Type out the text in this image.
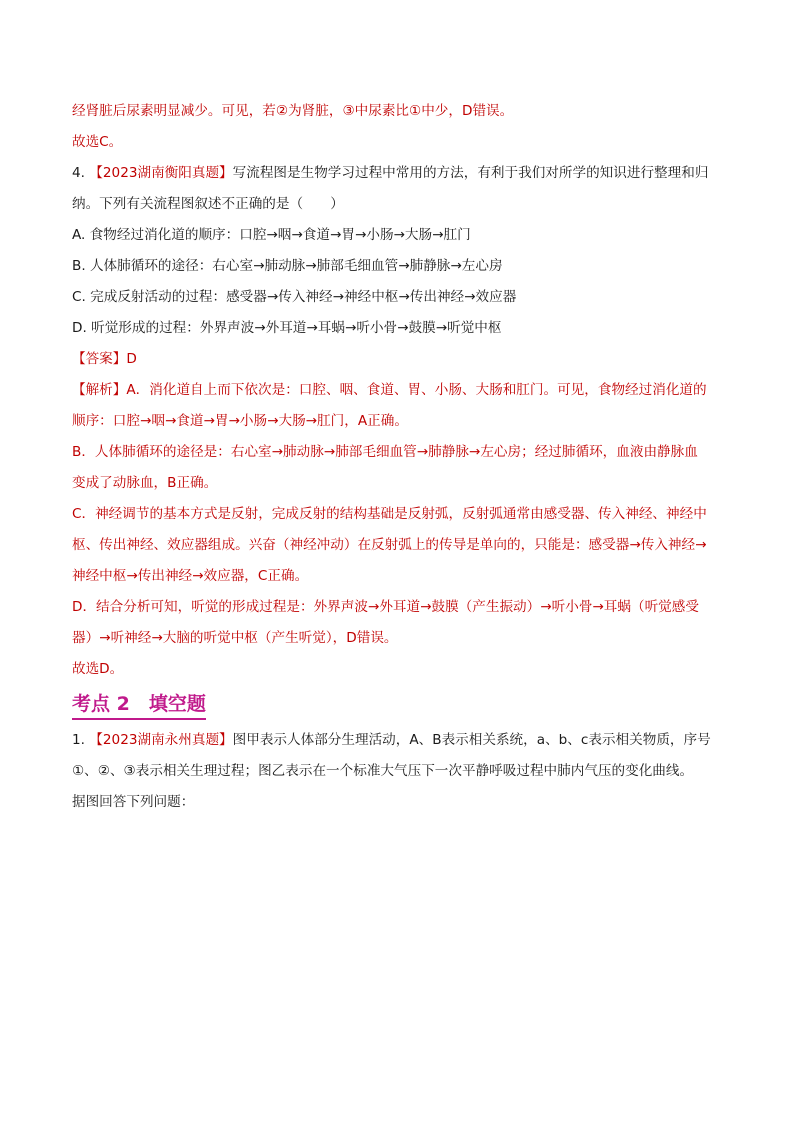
经肾脏后尿素明显减少。可见，若②为肾脏，③中尿素比①中少，D错误。
故选C。
4. 【2023湖南衡阳真题】写流程图是生物学习过程中常用的方法，有利于我们对所学的知识进行整理和归
纳。下列有关流程图叙述不正确的是（　　）
A. 食物经过消化道的顺序：口腔→咽→食道→胃→小肠→大肠→肛门
B. 人体肺循环的途径：右心室→肺动脉→肺部毛细血管→肺静脉→左心房
C. 完成反射活动的过程：感受器→传入神经→神经中枢→传出神经→效应器
D. 听觉形成的过程：外界声波→外耳道→耳蜗→听小骨→鼓膜→听觉中枢
【答案】D
【解析】A．消化道自上而下依次是：口腔、咽、食道、胃、小肠、大肠和肛门。可见，食物经过消化道的
顺序：口腔→咽→食道→胃→小肠→大肠→肛门，A正确。
B．人体肺循环的途径是：右心室→肺动脉→肺部毛细血管→肺静脉→左心房；经过肺循环，血液由静脉血
变成了动脉血，B正确。
C．神经调节的基本方式是反射，完成反射的结构基础是反射弧，反射弧通常由感受器、传入神经、神经中
枢、传出神经、效应器组成。兴奋（神经冲动）在反射弧上的传导是单向的，只能是：感受器→传入神经→
神经中枢→传出神经→效应器，C正确。
D．结合分析可知，听觉的形成过程是：外界声波→外耳道→鼓膜（产生振动）→听小骨→耳蜗（听觉感受
器）→听神经→大脑的听觉中枢（产生听觉），D错误。
故选D。
考点 2　填空题
1. 【2023湖南永州真题】图甲表示人体部分生理活动，A、B表示相关系统，a、b、c表示相关物质，序号
①、②、③表示相关生理过程；图乙表示在一个标准大气压下一次平静呼吸过程中肺内气压的变化曲线。
据图回答下列问题：
